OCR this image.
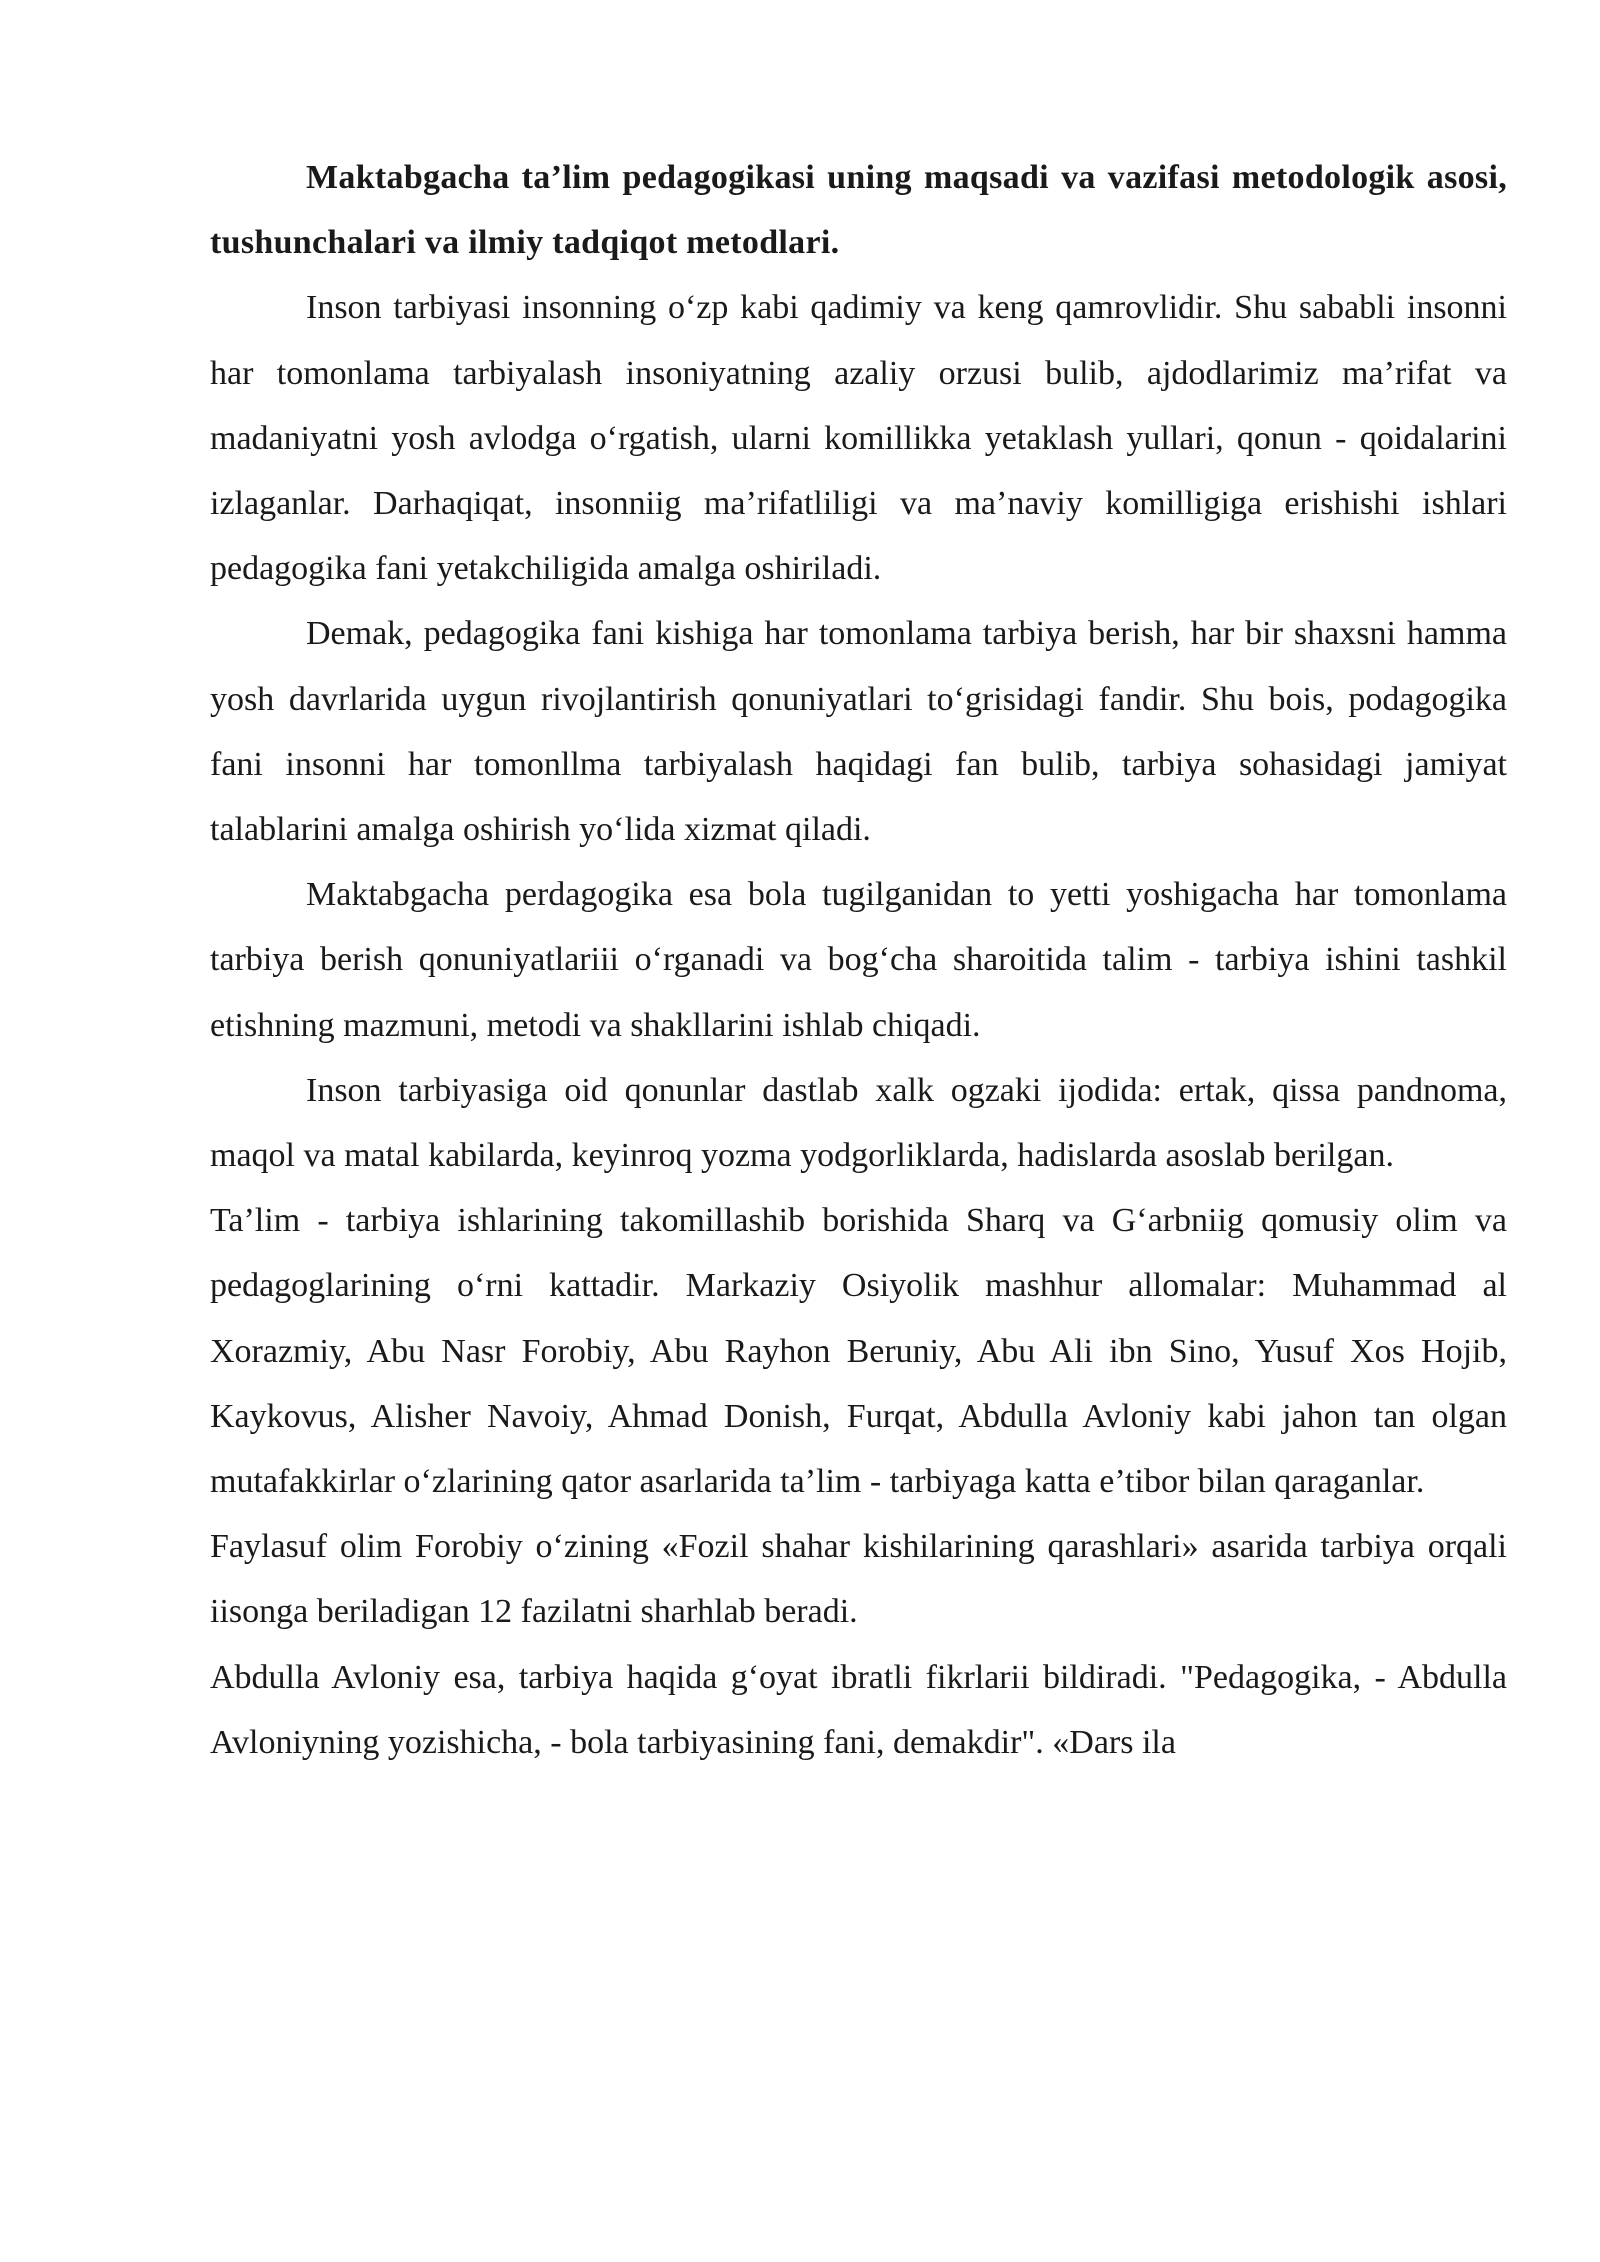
Maktabgacha ta’lim pedagogikasi uning maqsadi va vazifasi metodologik asosi, tushunchalari va ilmiy tadqiqot metodlari.

Inson tarbiyasi insonning o‘zp kabi qadimiy va keng qamrovlidir. Shu sababli insonni har tomonlama tarbiyalash insoniyatning azaliy orzusi bulib, ajdodlarimiz ma’rifat va madaniyatni yosh avlodga o‘rgatish, ularni komillikka yetaklash yullari, qonun - qoidalarini izlaganlar. Darhaqiqat, insonniig ma’rifatliligi va ma’naviy komilligiga erishishi ishlari pedagogika fani yetakchiligida amalga oshiriladi.

Demak, pedagogika fani kishiga har tomonlama tarbiya berish, har bir shaxsni hamma yosh davrlarida uygun rivojlantirish qonuniyatlari to‘grisidagi fandir. Shu bois, podagogika fani insonni har tomonllma tarbiyalash haqidagi fan bulib, tarbiya sohasidagi jamiyat talablarini amalga oshirish yo‘lida xizmat qiladi.

Maktabgacha perdagogika esa bola tugilganidan to yetti yoshigacha har tomonlama tarbiya berish qonuniyatlariii o‘rganadi va bog‘cha sharoitida talim - tarbiya ishini tashkil etishning mazmuni, metodi va shakllarini ishlab chiqadi.

Inson tarbiyasiga oid qonunlar dastlab xalk ogzaki ijodida: ertak, qissa pandnoma, maqol va matal kabilarda, keyinroq yozma yodgorliklarda, hadislarda asoslab berilgan.

Ta’lim - tarbiya ishlarining takomillashib borishida Sharq va G‘arbniig qomusiy olim va pedagoglarining o‘rni kattadir. Markaziy Osiyolik mashhur allomalar: Muhammad al Xorazmiy, Abu Nasr Forobiy, Abu Rayhon Beruniy, Abu Ali ibn Sino, Yusuf Xos Hojib, Kaykovus, Alisher Navoiy, Ahmad Donish, Furqat, Abdulla Avloniy kabi jahon tan olgan mutafakkirlar o‘zlarining qator asarlarida ta’lim - tarbiyaga katta e’tibor bilan qaraganlar.

Faylasuf olim Forobiy o‘zining «Fozil shahar kishilarining qarashlari» asarida tarbiya orqali iisonga beriladigan 12 fazilatni sharhlab beradi.

Abdulla Avloniy esa, tarbiya haqida g‘oyat ibratli fikrlarii bildiradi. "Pedagogika, - Abdulla Avloniyning yozishicha, - bola tarbiyasining fani, demakdir". «Dars ila
